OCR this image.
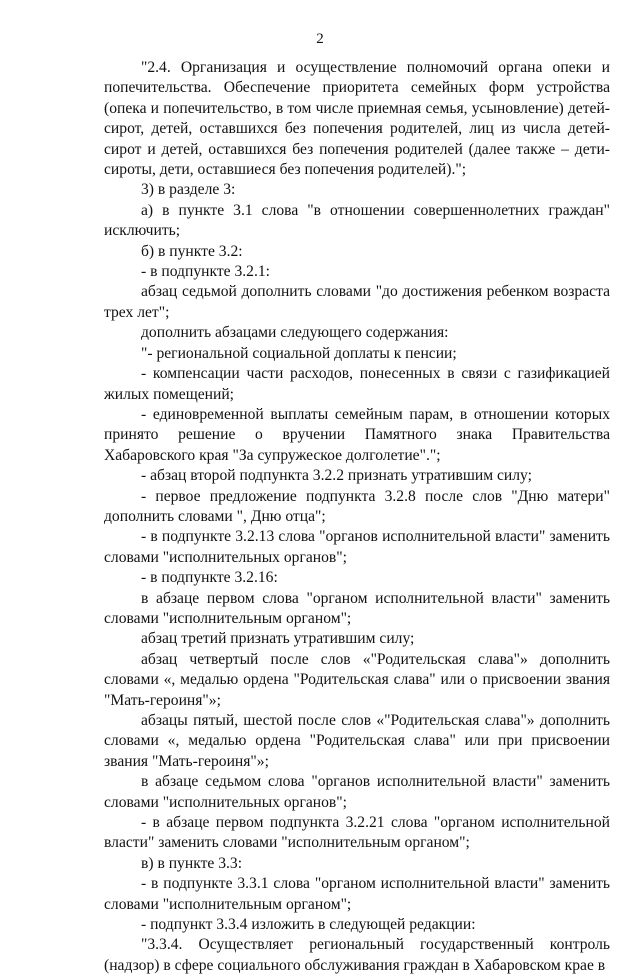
2

"2.4. Организация и осуществление полномочий органа опеки и попечительства. Обеспечение приоритета семейных форм устройства (опека и попечительство, в том числе приемная семья, усыновление) детей-сирот, детей, оставшихся без попечения родителей, лиц из числа детей-сирот и детей, оставшихся без попечения родителей (далее также – дети-сироты, дети, оставшиеся без попечения родителей).";

3) в разделе 3:

а) в пункте 3.1 слова "в отношении совершеннолетних граждан" исключить;

б) в пункте 3.2:

- в подпункте 3.2.1:

абзац седьмой дополнить словами "до достижения ребенком возраста трех лет";

дополнить абзацами следующего содержания:

"- региональной социальной доплаты к пенсии;

- компенсации части расходов, понесенных в связи с газификацией жилых помещений;

- единовременной выплаты семейным парам, в отношении которых принято решение о вручении Памятного знака Правительства Хабаровского края "За супружеское долголетие".";

- абзац второй подпункта 3.2.2 признать утратившим силу;

- первое предложение подпункта 3.2.8 после слов "Дню матери" дополнить словами ", Дню отца";

- в подпункте 3.2.13 слова "органов исполнительной власти" заменить словами "исполнительных органов";

- в подпункте 3.2.16:

в абзаце первом слова "органом исполнительной власти" заменить словами "исполнительным органом";

абзац третий признать утратившим силу;

абзац четвертый после слов «"Родительская слава"» дополнить словами «, медалью ордена "Родительская слава" или о присвоении звания "Мать-героиня"»;

абзацы пятый, шестой после слов «"Родительская слава"» дополнить словами «, медалью ордена "Родительская слава" или при присвоении звания "Мать-героиня"»;

в абзаце седьмом слова "органов исполнительной власти" заменить словами "исполнительных органов";

- в абзаце первом подпункта 3.2.21 слова "органом исполнительной власти" заменить словами "исполнительным органом";

в) в пункте 3.3:

- в подпункте 3.3.1 слова "органом исполнительной власти" заменить словами "исполнительным органом";

- подпункт 3.3.4 изложить в следующей редакции:

"3.3.4. Осуществляет региональный государственный контроль (надзор) в сфере социального обслуживания граждан в Хабаровском крае в
